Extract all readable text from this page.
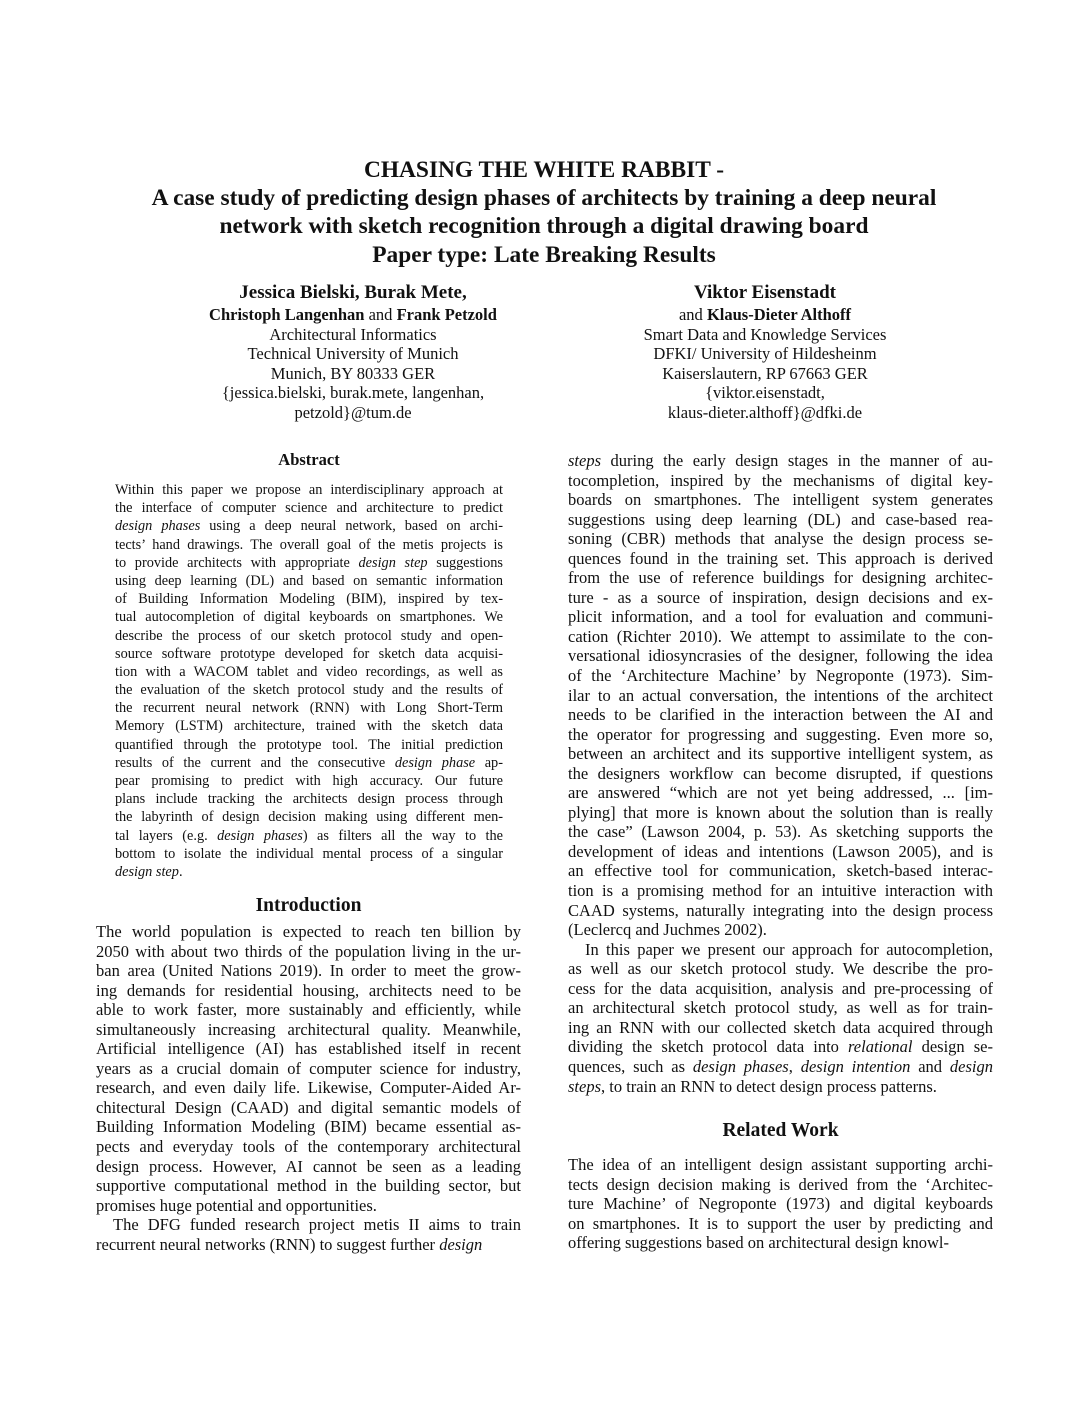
CHASING THE WHITE RABBIT -
A case study of predicting design phases of architects by training a deep neural
network with sketch recognition through a digital drawing board
Paper type: Late Breaking Results
Jessica Bielski, Burak Mete,
Christoph Langenhan and Frank Petzold
Architectural Informatics
Technical University of Munich
Munich, BY 80333 GER
{jessica.bielski, burak.mete, langenhan,
petzold}@tum.de
Viktor Eisenstadt
and Klaus-Dieter Althoff
Smart Data and Knowledge Services
DFKI/ University of Hildesheinm
Kaiserslautern, RP 67663 GER
{viktor.eisenstadt,
klaus-dieter.althoff}@dfki.de
Abstract
Within this paper we propose an interdisciplinary approach at
the interface of computer science and architecture to predict
design phases using a deep neural network, based on archi-
tects’ hand drawings. The overall goal of the metis projects is
to provide architects with appropriate design step suggestions
using deep learning (DL) and based on semantic information
of Building Information Modeling (BIM), inspired by tex-
tual autocompletion of digital keyboards on smartphones. We
describe the process of our sketch protocol study and open-
source software prototype developed for sketch data acquisi-
tion with a WACOM tablet and video recordings, as well as
the evaluation of the sketch protocol study and the results of
the recurrent neural network (RNN) with Long Short-Term
Memory (LSTM) architecture, trained with the sketch data
quantified through the prototype tool. The initial prediction
results of the current and the consecutive design phase ap-
pear promising to predict with high accuracy. Our future
plans include tracking the architects design process through
the labyrinth of design decision making using different men-
tal layers (e.g. design phases) as filters all the way to the
bottom to isolate the individual mental process of a singular
design step.
Introduction
The world population is expected to reach ten billion by
2050 with about two thirds of the population living in the ur-
ban area (United Nations 2019). In order to meet the grow-
ing demands for residential housing, architects need to be
able to work faster, more sustainably and efficiently, while
simultaneously increasing architectural quality. Meanwhile,
Artificial intelligence (AI) has established itself in recent
years as a crucial domain of computer science for industry,
research, and even daily life. Likewise, Computer-Aided Ar-
chitectural Design (CAAD) and digital semantic models of
Building Information Modeling (BIM) became essential as-
pects and everyday tools of the contemporary architectural
design process. However, AI cannot be seen as a leading
supportive computational method in the building sector, but
promises huge potential and opportunities.
The DFG funded research project metis II aims to train
recurrent neural networks (RNN) to suggest further design
steps during the early design stages in the manner of au-
tocompletion, inspired by the mechanisms of digital key-
boards on smartphones. The intelligent system generates
suggestions using deep learning (DL) and case-based rea-
soning (CBR) methods that analyse the design process se-
quences found in the training set. This approach is derived
from the use of reference buildings for designing architec-
ture - as a source of inspiration, design decisions and ex-
plicit information, and a tool for evaluation and communi-
cation (Richter 2010). We attempt to assimilate to the con-
versational idiosyncrasies of the designer, following the idea
of the ‘Architecture Machine’ by Negroponte (1973). Sim-
ilar to an actual conversation, the intentions of the architect
needs to be clarified in the interaction between the AI and
the operator for progressing and suggesting. Even more so,
between an architect and its supportive intelligent system, as
the designers workflow can become disrupted, if questions
are answered “which are not yet being addressed, ... [im-
plying] that more is known about the solution than is really
the case” (Lawson 2004, p. 53). As sketching supports the
development of ideas and intentions (Lawson 2005), and is
an effective tool for communication, sketch-based interac-
tion is a promising method for an intuitive interaction with
CAAD systems, naturally integrating into the design process
(Leclercq and Juchmes 2002).
In this paper we present our approach for autocompletion,
as well as our sketch protocol study. We describe the pro-
cess for the data acquisition, analysis and pre-processing of
an architectural sketch protocol study, as well as for train-
ing an RNN with our collected sketch data acquired through
dividing the sketch protocol data into relational design se-
quences, such as design phases, design intention and design
steps, to train an RNN to detect design process patterns.
Related Work
The idea of an intelligent design assistant supporting archi-
tects design decision making is derived from the ‘Architec-
ture Machine’ of Negroponte (1973) and digital keyboards
on smartphones. It is to support the user by predicting and
offering suggestions based on architectural design knowl-
